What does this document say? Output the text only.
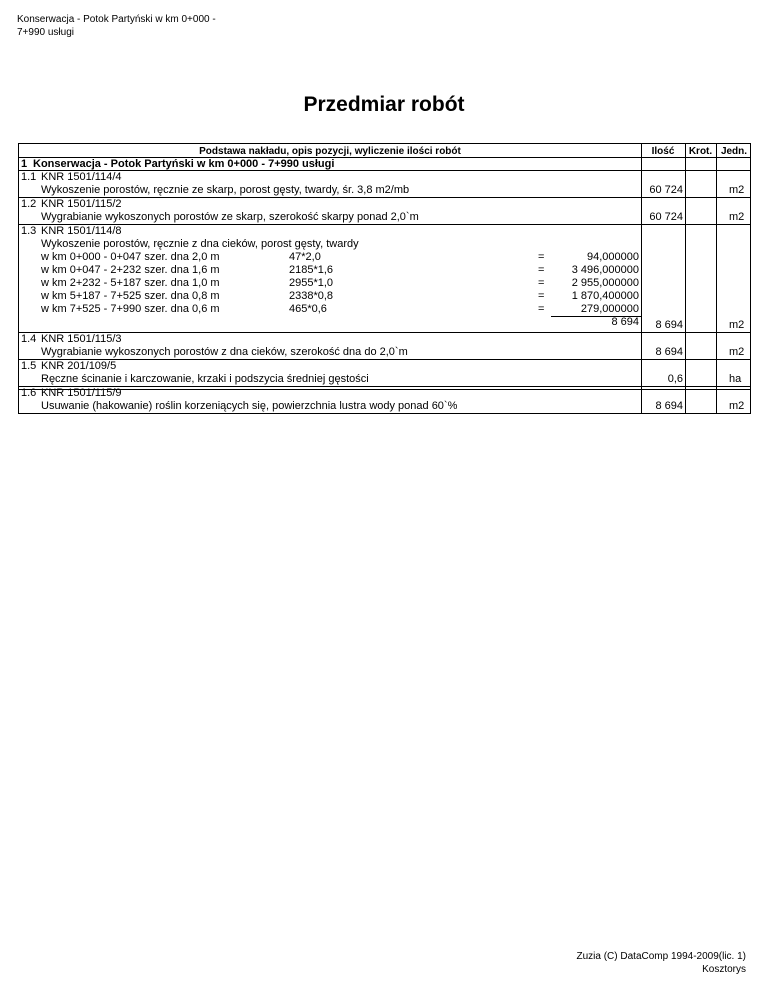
Konserwacja - Potok Partyński w km 0+000 -
7+990 usługi
Przedmiar robót
Podstawa nakładu, opis pozycji, wyliczenie ilości robót	Ilość	Krot. Jedn.
1 Konserwacja - Potok Partyński w km 0+000 - 7+990 usługi
1.1 KNR 1501/114/4
Wykoszenie porostów, ręcznie ze skarp, porost gęsty, twardy, śr. 3,8 m2/mb	60 724	m2
1.2 KNR 1501/115/2
Wygrabianie wykoszonych porostów ze skarp, szerokość skarpy ponad 2,0`m	60 724	m2
1.3 KNR 1501/114/8
Wykoszenie porostów, ręcznie z dna cieków, porost gęsty, twardy
w km 0+000 - 0+047 szer. dna 2,0 m	47*2,0	=	94,000000
w km 0+047 - 2+232 szer. dna 1,6 m	2185*1,6	=	3 496,000000
w km 2+232 - 5+187 szer. dna 1,0 m	2955*1,0	=	2 955,000000
w km 5+187 - 7+525 szer. dna 0,8 m	2338*0,8	=	1 870,400000
w km 7+525 - 7+990 szer. dna 0,6 m	465*0,6	=	279,000000
8 694	8 694	m2
1.4 KNR 1501/115/3
Wygrabianie wykoszonych porostów z dna cieków, szerokość dna do 2,0`m	8 694	m2
1.5 KNR 201/109/5
Ręczne ścinanie i karczowanie, krzaki i podszycia średniej gęstości	0,6	ha
1.6 KNR 1501/115/9
Usuwanie (hakowanie) roślin korzeniących się, powierzchnia lustra wody ponad 60`%	8 694	m2
Zuzia (C) DataComp 1994-2009(lic. 1)
Kosztorys
